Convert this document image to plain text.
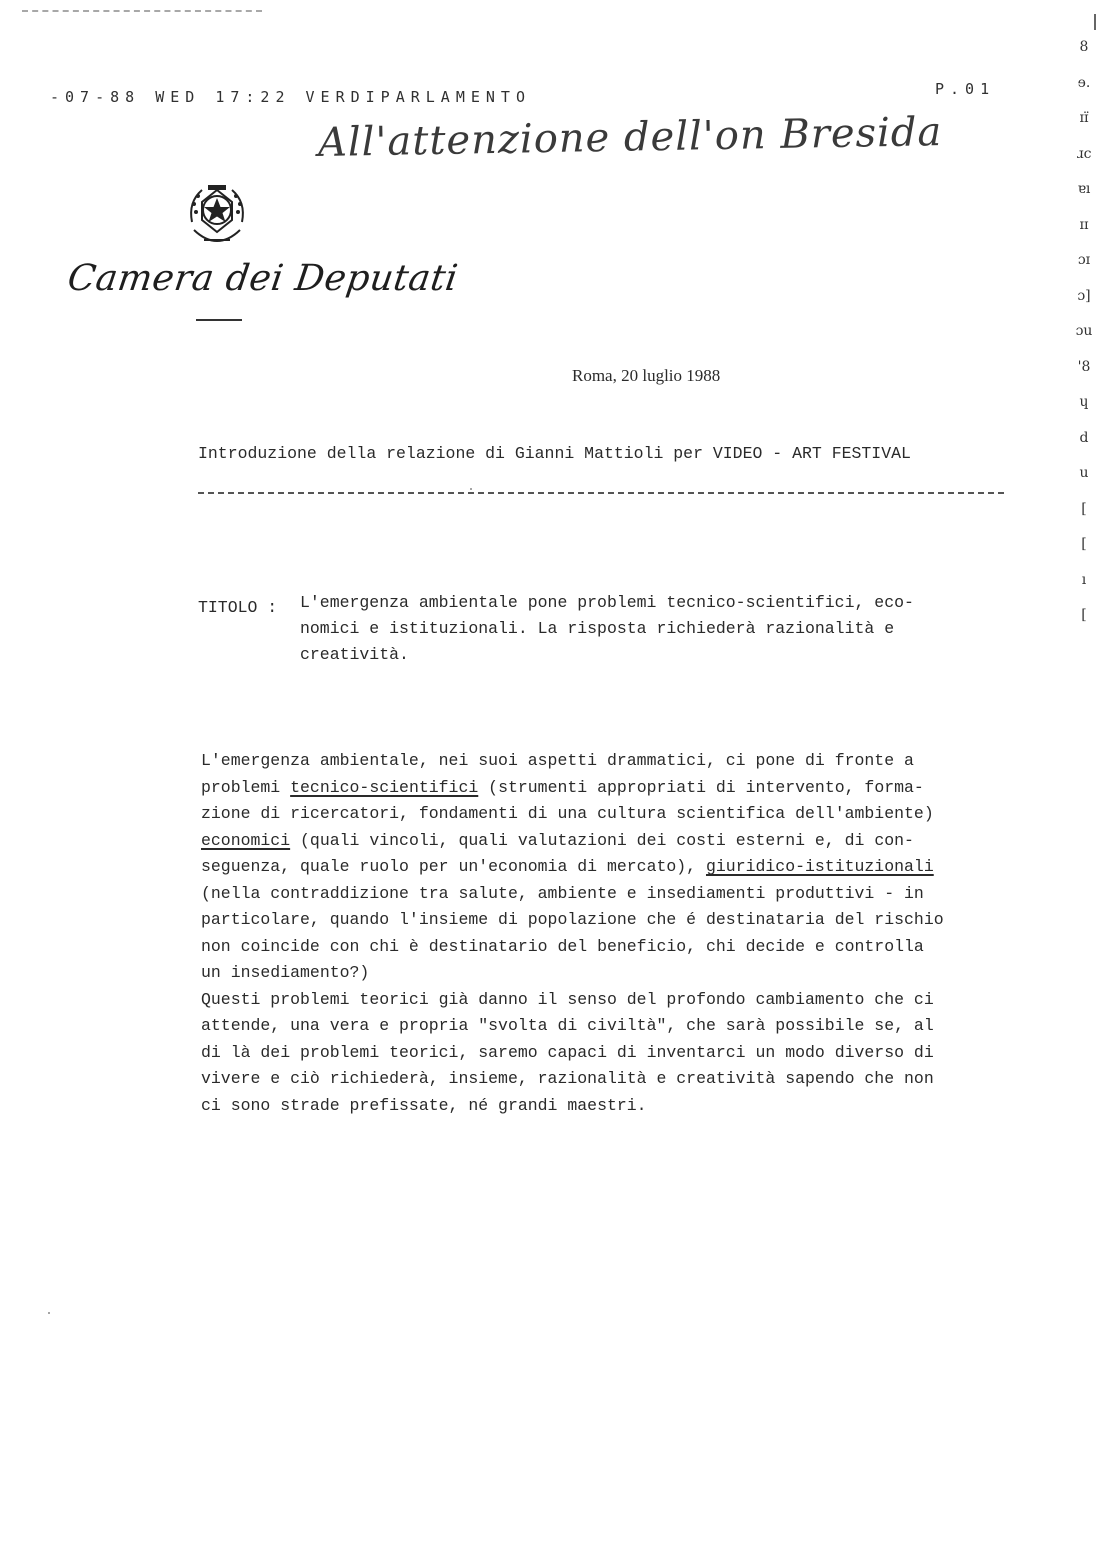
-07-88 WED 17:22 VERDIPARLAMENTO	P.01
All'attenzione dell'on Bresida
Camera dei Deputati
Roma, 20 luglio 1988
Introduzione della relazione di Gianni Mattioli per VIDEO - ART FESTIVAL
TITOLO : L'emergenza ambientale pone problemi tecnico-scientifici, eco-
nomici e istituzionali. La risposta richiederà razionalità e
creatività.
L'emergenza ambientale, nei suoi aspetti drammatici, ci pone di fronte a
problemi tecnico-scientifici (strumenti appropriati di intervento, forma-
zione di ricercatori, fondamenti di una cultura scientifica dell'ambiente)
economici (quali vincoli, quali valutazioni dei costi esterni e, di con-
seguenza, quale ruolo per un'economia di mercato), giuridico-istituzionali
(nella contraddizione tra salute, ambiente e insediamenti produttivi - in
particolare, quando l'insieme di popolazione che é destinataria del rischio
non coincide con chi è destinatario del beneficio, chi decide e controlla
un insediamento?)
Questi problemi teorici già danno il senso del profondo cambiamento che ci
attende, una vera e propria "svolta di civiltà", che sarà possibile se, al
di là dei problemi teorici, saremo capaci di inventarci un modo diverso di
vivere e ciò richiederà, insieme, razionalità e creatività sapendo che non
ci sono strade prefissate, né grandi maestri.
8
ɘ.
ɪɪ̈
ɹc
ɐı
ɪɪ
ɔɪ
ɔ]
ɔu
'8
ɥ
d
u
[
[
ı
[
